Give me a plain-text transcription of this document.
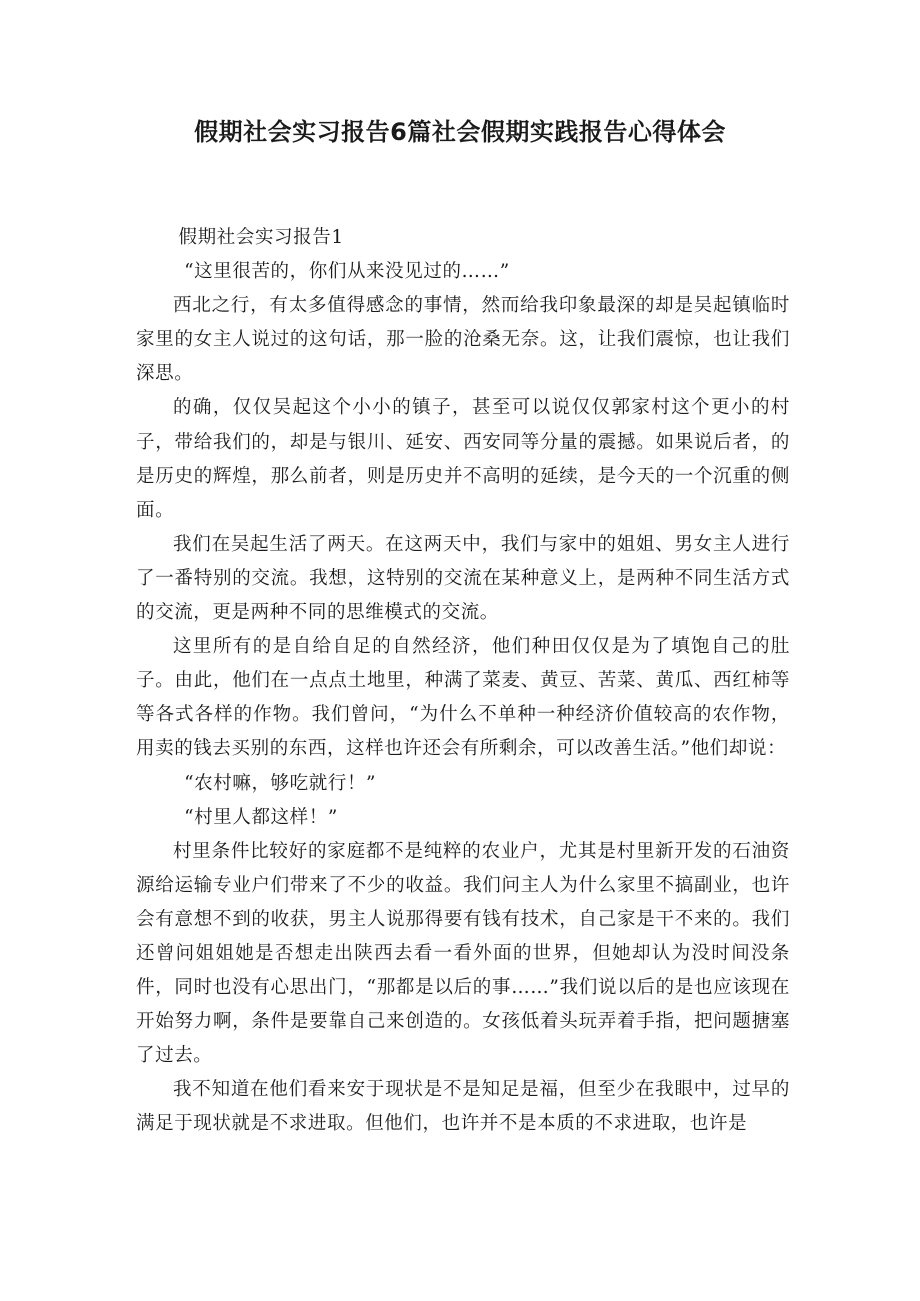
假期社会实习报告6篇社会假期实践报告心得体会

假期社会实习报告1

“这里很苦的，你们从来没见过的……”

西北之行，有太多值得感念的事情，然而给我印象最深的却是吴起镇临时家里的女主人说过的这句话，那一脸的沧桑无奈。这，让我们震惊，也让我们深思。

的确，仅仅吴起这个小小的镇子，甚至可以说仅仅郭家村这个更小的村子，带给我们的，却是与银川、延安、西安同等分量的震撼。如果说后者，的是历史的辉煌，那么前者，则是历史并不高明的延续，是今天的一个沉重的侧面。

我们在吴起生活了两天。在这两天中，我们与家中的姐姐、男女主人进行了一番特别的交流。我想，这特别的交流在某种意义上，是两种不同生活方式的交流，更是两种不同的思维模式的交流。

这里所有的是自给自足的自然经济，他们种田仅仅是为了填饱自己的肚子。由此，他们在一点点土地里，种满了菜麦、黄豆、苦菜、黄瓜、西红柿等等各式各样的作物。我们曾问，“为什么不单种一种经济价值较高的农作物，用卖的钱去买别的东西，这样也许还会有所剩余，可以改善生活。”他们却说：

“农村嘛，够吃就行！”

“村里人都这样！”

村里条件比较好的家庭都不是纯粹的农业户，尤其是村里新开发的石油资源给运输专业户们带来了不少的收益。我们问主人为什么家里不搞副业，也许会有意想不到的收获，男主人说那得要有钱有技术，自己家是干不来的。我们还曾问姐姐她是否想走出陕西去看一看外面的世界，但她却认为没时间没条件，同时也没有心思出门，“那都是以后的事……”我们说以后的是也应该现在开始努力啊，条件是要靠自己来创造的。女孩低着头玩弄着手指，把问题搪塞了过去。

我不知道在他们看来安于现状是不是知足是福，但至少在我眼中，过早的满足于现状就是不求进取。但他们，也许并不是本质的不求进取，也许是
